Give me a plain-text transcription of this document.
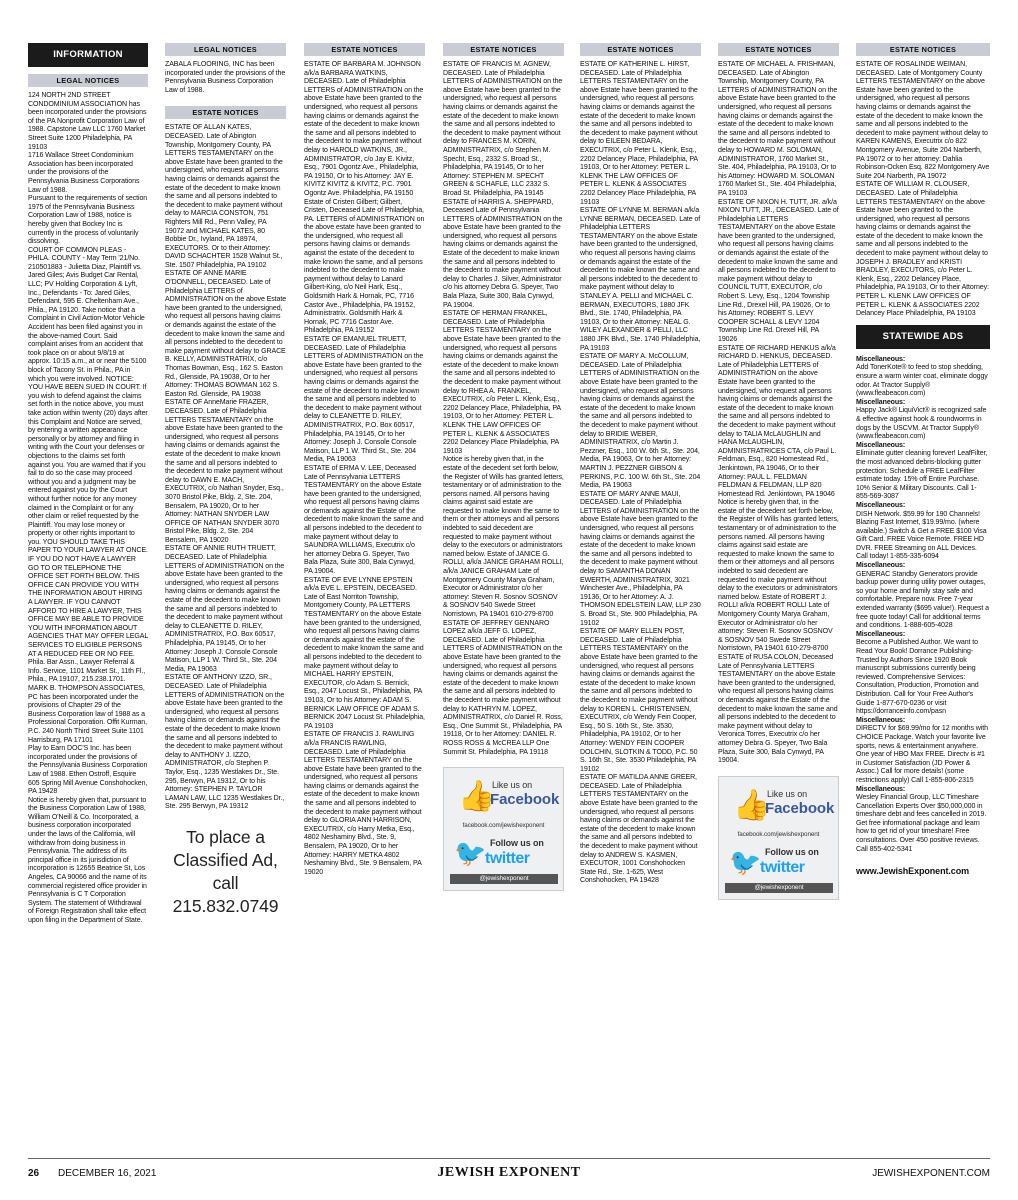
INFORMATION
LEGAL NOTICES

124 NORTH 2ND STREET CONDOMINIUM ASSOCIATION has been incorporated under the provisions of the PA Nonprofit Corporation Law of 1988. Capstone Law LLC 1760 Market Street Suite 1200 Philadelphia, PA 19103

1716 Wallace Street Condominium Association has been incorporated under the provisions of the Pennsylvania Business Corporations Law of 1988.

Pursuant to the requirements of section 1975 of the Pennsylvania Business Corporation Law of 1988, notice is hereby given that Bockey Inc is currently in the process of voluntarily dissolving.

COURT OF COMMON PLEAS - PHILA. COUNTY - May Term '21/No. 210501883 - Julietta Diaz, Plaintiff vs. Jared Giles; Avis Budget Car Rental, LLC; PV Holding Corporation & Lyft, Inc., Defendants - To: Jared Giles, Defendant, 595 E. Cheltenham Ave., Phila., PA 19120. Take notice that a Complaint in Civil Action-Motor Vehicle Accident has been filed against you in the above-named Court. Said complaint arises from an accident that took place on or about 9/8/19 at approx. 10:15 a.m., at or near the 5100 block of Tacony St. in Phila., PA in which you were involved. NOTICE: YOU HAVE BEEN SUED IN COURT. If you wish to defend against the claims set forth in the notice above, you must take action within twenty (20) days after this Complaint and Notice are served, by entering a written appearance personally or by attorney and filing in writing with the Court your defenses or objections to the claims set forth against you. You are warned that if you fail to do so the case may proceed without you and a judgment may be entered against you by the Court without further notice for any money claimed in the Complaint or for any other claim or relief requested by the Plaintiff. You may lose money or property or other rights important to you. YOU SHOULD TAKE THIS PAPER TO YOUR LAWYER AT ONCE. IF YOU DO NOT HAVE A LAWYER GO TO OR TELEPHONE THE OFFICE SET FORTH BELOW. THIS OFFICE CAN PROVIDE YOU WITH THE INFORMATION ABOUT HIRING A LAWYER. IF YOU CANNOT AFFORD TO HIRE A LAWYER, THIS OFFICE MAY BE ABLE TO PROVIDE YOU WITH INFORMATION ABOUT AGENCIES THAT MAY OFFER LEGAL SERVICES TO ELIGIBLE PERSONS AT A REDUCED FEE OR NO FEE. Phila. Bar Assn., Lawyer Referral & Info. Service, 1101 Market St., 11th Fl., Phila., PA 19107, 215.238.1701.

MARK B. THOMPSON ASSOCIATES, PC has been incorporated under the provisions of Chapter 29 of the Business Corporation law of 1988 as a Professional Corporation. Offit Kurman, P.C. 240 North Third Street Suite 1101 Harrisburg, PA 17101

Play to Earn DOC'S Inc. has been incorporated under the provisions of the Pennsylvania Business Corporation Law of 1988. Ethen Ostroff, Esquire 605 Spring Mill Avenue Conshohocken, PA 19428

Notice is hereby given that, pursuant to the Business Corporation Law of 1988, William O'Neill & Co. Incorporated, a business corporation incorporated under the laws of the California, will withdraw from doing business in Pennsylvania. The address of its principal office in its jurisdiction of incorporation is 12655 Beatrice St, Los Angeles, CA 90066 and the name of its commercial registered office provider in Pennsylvania is C T Corporation System. The statement of Withdrawal of Foreign Registration shall take effect upon filing in the Department of State.

LEGAL NOTICES
ZABALA FLOORING, INC has been incorporated under the provisions of the Pennsylvania Business Corporation Law of 1988.
ESTATE NOTICES

ESTATE OF ALLAN KATES, DECEASED. Late of Abington Township, Montgomery County, PA LETTERS TESTAMENTARY on the above Estate have been granted to the undersigned, who request all persons having claims or demands against the estate of the decedent to make known the same and all persons indebted to the decedent to make payment without delay to MARCIA CONSTON, 751 Righters Mill Rd., Penn Valley, PA 19072 and MICHAEL KATES, 80 Bobbie Dr., Ivyland, PA 18974, EXECUTORS. Or to their Attorney: DAVID SCHACHTER 1528 Walnut St., Ste. 1507 Philadelphia, PA 19102

ESTATE OF ANNE MARIE O'DONNELL, DECEASED. Late of Philadelphia LETTERS of ADMINISTRATION on the above Estate have been granted to the undersigned, who request all persons having claims or demands against the estate of the decedent to make known the same and all persons indebted to the decedent to make payment without delay to GRACE B. KELLY, ADMINISTRATRIX, c/o Thomas Bowman, Esq., 162 S. Easton Rd., Glenside, PA 19038, Or to her Attorney: THOMAS BOWMAN 162 S. Easton Rd. Glenside, PA 19038

ESTATE OF AnneMarie FRAZER, DECEASED. Late of Philadelphia LETTERS TESTAMENTARY on the above Estate have been granted to the undersigned, who request all persons having claims or demands against the estate of the decedent to make known the same and all persons indebted to the decedent to make payment without delay to DAWN E. MACH, EXECUTRIX, c/o Nathan Snyder, Esq., 3070 Bristol Pike, Bldg. 2, Ste. 204, Bensalem, PA 19020, Or to her Attorney: NATHAN SNYDER LAW OFFICE OF NATHAN SNYDER 3070 Bristol Pike, Bldg. 2, Ste. 204 Bensalem, PA 19020

ESTATE OF ANNIE RUTH TRUETT, DECEASED. Late of Philadelphia LETTERS of ADMINISTRATION on the above Estate have been granted to the undersigned, who request all persons having claims or demands against the estate of the decedent to make known the same and all persons indebted to the decedent to make payment without delay to CLEANETTE D. RILEY, ADMINISTRATRIX, P.O. Box 60517, Philadelphia, PA 19145, Or to her Attorney: Joseph J. Console Console Matison, LLP 1 W. Third St., Ste. 204 Media, PA 19063

ESTATE OF ANTHONY IZZO, SR., DECEASED. Late of Philadelphia LETTERS of ADMINISTRATION on the above Estate have been granted to the undersigned, who request all persons having claims or demands against the estate of the decedent to make known the same and all persons indebted to the decedent to make payment without delay to ANTHONY J. IZZO, ADMINISTRATOR, c/o Stephen P. Taylor, Esq., 1235 Westlakes Dr., Ste. 295, Berwyn, PA 19312, Or to his Attorney: STEPHEN P. TAYLOR LAMAN LAW, LLC 1235 Westlakes Dr., Ste. 295 Berwyn, PA 19312

To place a
Classified Ad,
call 215.832.0749
ESTATE NOTICES

ESTATE OF BARBARA M. JOHNSON a/k/a BARBARA WATKINS, DECEASED. Late of Philadelphia LETTERS of ADMINISTRATION on the above Estate have been granted to the undersigned, who request all persons having claims or demands against the estate of the decedent to make known the same and all persons indebted to the decedent to make payment without delay to HAROLD WATKINS, JR., ADMINISTRATOR, c/o Jay E. Kivitz, Esq., 7901 Ogontz Ave., Philadelphia, PA 19150, Or to his Attorney: JAY E. KIVITZ KIVITZ & KIVITZ, P.C. 7901 Ogontz Ave. Philadelphia, PA 19150

Estate of Cristen Gilbert; Gilbert, Cristen, Deceased Late of Philadelphia, PA. LETTERS of ADMINISTRATION on the above estate have been granted to the undersigned, who request all persons having claims or demands against the estate of the decedent to make known the same, and all persons indebted to the decedent to make payment without delay to Lanard Gilbert-King, c/o Neil Hark, Esq., Goldsmith Hark & Hornak, PC, 7716 Castor Ave., Philadelphia, PA 19152, Administratrix. Goldsmith Hark & Hornak, PC 7716 Castor Ave. Philadelphia, PA 19152

ESTATE OF EMANUEL TRUETT, DECEASED. Late of Philadelphia LETTERS of ADMINISTRATION on the above Estate have been granted to the undersigned, who request all persons having claims or demands against the estate of the decedent to make known the same and all persons indebted to the decedent to make payment without delay to CLEANETTE D. RILEY, ADMINISTRATRIX, P.O. Box 60517, Philadelphia, PA 19145, Or to her Attorney: Joseph J. Console Console Matison, LLP 1 W. Third St., Ste. 204 Media, PA 19063

ESTATE of ERMA V. LEE, Deceased Late of Pennsylvania LETTERS TESTAMENTARY on the above Estate have been granted to the undersigned, who request all persons having claims or demands against the Estate of the decedent to make known the same and all persons indebted to the decedent to make payment without delay to SAUNDRA WILLIAMS, Executrix c/o her attorney Debra G. Speyer, Two Bala Plaza, Suite 300, Bala Cynwyd, PA 19004.

ESTATE OF EVE LYNNE EPSTEIN a/k/a EVE L. EPSTEIN, DECEASED. Late of East Norriton Township, Montgomery County, PA LETTERS TESTAMENTARY on the above Estate have been granted to the undersigned, who request all persons having claims or demands against the estate of the decedent to make known the same and all persons indebted to the decedent to make payment without delay to MICHAEL HARRY EPSTEIN, EXECUTOR, c/o Adam S. Bernick, Esq., 2047 Locust St., Philadelphia, PA 19103, Or to his Attorney: ADAM S. BERNICK LAW OFFICE OF ADAM S. BERNICK 2047 Locust St. Philadelphia, PA 19103

ESTATE OF FRANCIS J. RAWLING a/k/a FRANCIS RAWLING, DECEASED. Late of Philadelphia LETTERS TESTAMENTARY on the above Estate have been granted to the undersigned, who request all persons having claims or demands against the estate of the decedent to make known the same and all persons indebted to the decedent to make payment without delay to GLORIA ANN HARRISON, EXECUTRIX, c/o Harry Metka, Esq., 4802 Neshaminy Blvd., Ste. 9, Bensalem, PA 19020, Or to her Attorney: HARRY METKA 4802 Neshaminy Blvd., Ste. 9 Bensalem, PA 19020

ESTATE NOTICES

ESTATE OF FRANCIS M. AGNEW, DECEASED. Late of Philadelphia LETTERS of ADMINISTRATION on the above Estate have been granted to the undersigned, who request all persons having claims or demands against the estate of the decedent to make known the same and all persons indebted to the decedent to make payment without delay to FRANCES M. KORIN, ADMINISTRATRIX, c/o Stephen M. Specht, Esq., 2332 S. Broad St., Philadelphia, PA 19145, Or to her Attorney: STEPHEN M. SPECHT GREEN & SCHAFLE, LLC 2332 S. Broad St. Philadelphia, PA 19145

ESTATE of HARRIS A. SHEPPARD, Deceased Late of Pennsylvania LETTERS of ADMINISTRATION on the above Estate have been granted to the undersigned, who request all persons having claims or demands against the Estate of the decedent to make known the same and all persons indebted to the decedent to make payment without delay to Charles J. Silver, Administrator c/o his attorney Debra G. Speyer, Two Bala Plaza, Suite 300, Bala Cynwyd, PA 19004.

ESTATE OF HERMAN FRANKEL, DECEASED. Late of Philadelphia LETTERS TESTAMENTARY on the above Estate have been granted to the undersigned, who request all persons having claims or demands against the estate of the decedent to make known the same and all persons indebted to the decedent to make payment without delay to RHEA A. FRANKEL, EXECUTRIX, c/o Peter L. Klenk, Esq., 2202 Delancey Place, Philadelphia, PA 19103, Or to her Attorney: PETER L. KLENK THE LAW OFFICES OF PETER L. KLENK & ASSOCIATES 2202 Delancey Place Philadelphia, PA 19103

Notice is hereby given that, in the estate of the decedent set forth below, the Register of Wills has granted letters, testamentary or of administration to the persons named. All persons having claims against said estate are requested to make known the same to them or their attorneys and all persons indebted to said decedent are requested to make payment without delay to the executors or administrators named below. Estate of JANICE G. ROLLI, a/k/a JANICE GRAHAM ROLLI, a/k/a JANICE GRAHAM Late of Montgomery County Marya Graham, Executor or Administrator c/o her attorney: Steven R. Sosnov SOSNOV & SOSNOV 540 Swede Street Norristown, PA 19401 610-279-8700

ESTATE OF JEFFREY GENNARO LOPEZ a/k/a JEFF G. LOPEZ, DECEASED. Late of Philadelphia LETTERS of ADMINISTRATION on the above Estate have been granted to the undersigned, who request all persons having claims or demands against the estate of the decedent to make known the same and all persons indebted to the decedent to make payment without delay to KATHRYN M. LOPEZ, ADMINISTRATRIX, c/o Daniel R. Ross, Esq., One Summit St., Philadelphia, PA 19118, Or to her Attorney: DANIEL R. ROSS ROSS & McCREA LLP One Summit St. Philadelphia, PA 19118

👍
Like us on
Facebook
facebook.com/jewishexponent
🐦 Follow us on
twitter
@jewishexponent
ESTATE NOTICES

ESTATE OF KATHERINE L. HIRST, DECEASED. Late of Philadelphia LETTERS TESTAMENTARY on the above Estate have been granted to the undersigned, who request all persons having claims or demands against the estate of the decedent to make known the same and all persons indebted to the decedent to make payment without delay to EILEEN BEDARA, EXECUTRIX, c/o Peter L. Klenk, Esq., 2202 Delancey Place, Philadelphia, PA 19103, Or to her Attorney: PETER L. KLENK THE LAW OFFICES OF PETER L. KLENK & ASSOCIATES 2202 Delancey Place Philadelphia, PA 19103

ESTATE OF LYNNE M. BERMAN a/k/a LYNNE BERMAN, DECEASED. Late of Philadelphia LETTERS TESTAMENTARY on the above Estate have been granted to the undersigned, who request all persons having claims or demands against the estate of the decedent to make known the same and all persons indebted to the decedent to make payment without delay to STANLEY A. PELLI and MICHAEL C. BERMAN, EXECUTORS, 1880 JFK Blvd., Ste. 1740, Philadelphia, PA 19103, Or to their Attorney: NEAL G. WILEY ALEXANDER & PELLI, LLC 1880 JFK Blvd., Ste. 1740 Philadelphia, PA 19103

ESTATE OF MARY A. McCOLLUM, DECEASED. Late of Philadelphia LETTERS of ADMINISTRATION on the above Estate have been granted to the undersigned, who request all persons having claims or demands against the estate of the decedent to make known the same and all persons indebted to the decedent to make payment without delay to BRIDIE WEBER, ADMINISTRATRIX, c/o Martin J. Pezzner, Esq., 100 W. 6th St., Ste. 204, Media, PA 19063, Or to her Attorney: MARTIN J. PEZZNER GIBSON & PERKINS, P.C. 100 W. 6th St., Ste. 204 Media, PA 19063

ESTATE OF MARY ANNE MAUI, DECEASED. Late of Philadelphia LETTERS of ADMINISTRATION on the above Estate have been granted to the undersigned, who request all persons having claims or demands against the estate of the decedent to make known the same and all persons indebted to the decedent to make payment without delay to SAMANTHA DONAN EWERTH, ADMINISTRATRIX, 3021 Winchester Ave., Philadelphia, PA 19136, Or to her Attorney: A. J. THOMSON EDELSTEIN LAW, LLP 230 S. Broad St., Ste. 900 Philadelphia, PA 19102

ESTATE OF MARY ELLEN POST, DECEASED. Late of Philadelphia LETTERS TESTAMENTARY on the above Estate have been granted to the undersigned, who request all persons having claims or demands against the estate of the decedent to make known the same and all persons indebted to the decedent to make payment without delay to KOREN L. CHRISTENSEN, EXECUTRIX, c/o Wendy Fein Cooper, Esq., 50 S. 16th St., Ste. 3530, Philadelphia, PA 19102, Or to her Attorney: WENDY FEIN COOPER DOLCHIN, SLOTKIN & TODD, P.C. 50 S. 16th St., Ste. 3530 Philadelphia, PA 19102

ESTATE OF MATILDA ANNE GREER, DECEASED. Late of Philadelphia LETTERS TESTAMENTARY on the above Estate have been granted to the undersigned, who request all persons having claims or demands against the estate of the decedent to make known the same and all persons indebted to the decedent to make payment without delay to ANDREW S. KASMEN, EXECUTOR, 1001 Conshohocken State Rd., Ste. 1-625, West Conshohocken, PA 19428

ESTATE NOTICES

ESTATE OF MICHAEL A. FRISHMAN, DECEASED. Late of Abington Township, Montgomery County, PA LETTERS of ADMINISTRATION on the above Estate have been granted to the undersigned, who request all persons having claims or demands against the estate of the decedent to make known the same and all persons indebted to the decedent to make payment without delay to HOWARD M. SOLOMAN, ADMINISTRATOR, 1760 Market St., Ste. 404, Philadelphia, PA 19103, Or to his Attorney: HOWARD M. SOLOMAN 1760 Market St., Ste. 404 Philadelphia, PA 19103

ESTATE OF NIXON H. TUTT, JR. a/k/a NIXON TUTT, JR., DECEASED. Late of Philadelphia LETTERS TESTAMENTARY on the above Estate have been granted to the undersigned, who request all persons having claims or demands against the estate of the decedent to make known the same and all persons indebted to the decedent to make payment without delay to COUNCIL TUTT, EXECUTOR, c/o Robert S. Levy, Esq., 1204 Township Line Rd., Drexel Hill, PA 19026, Or to his Attorney: ROBERT S. LEVY COOPER SCHALL & LEVY 1204 Township Line Rd. Drexel Hill, PA 19026

ESTATE OF RICHARD HENKUS a/k/a RICHARD D. HENKUS, DECEASED. Late of Philadelphia LETTERS of ADMINISTRATION on the above Estate have been granted to the undersigned, who request all persons having claims or demands against the estate of the decedent to make known the same and all persons indebted to the decedent to make payment without delay to TALIA McLAUGHLIN and HANA McLAUGHLIN, ADMINISTRATRICES CTA, c/o Paul L. Feldman, Esq., 820 Homestead Rd., Jenkintown, PA 19046, Or to their Attorney: PAUL L. FELDMAN FELDMAN & FELDMAN, LLP 820 Homestead Rd. Jenkintown, PA 19046

Notice is hereby given that, in the estate of the decedent set forth below, the Register of Wills has granted letters, testamentary or of administration to the persons named. All persons having claims against said estate are requested to make known the same to them or their attorneys and all persons indebted to said decedent are requested to make payment without delay to the executors or administrators named below. Estate of ROBERT J. ROLLI a/k/a ROBERT ROLLI Late of Montgomery County Marya Graham, Executor or Administrator c/o her attorney: Steven R. Sosnov SOSNOV & SOSNOV 540 Swede Street Norristown, PA 19401 610-279-8700

ESTATE of RUSA COLON, Deceased Late of Pennsylvania LETTERS TESTAMENTARY on the above Estate have been granted to the undersigned, who request all persons having claims or demands against the Estate of the decedent to make known the same and all persons indebted to the decedent to make payment without delay to Veronica Torres, Executrix c/o her attorney Debra G. Speyer, Two Bala Plaza, Suite 300, Bala Cynwyd, PA 19004.

👍
Like us on
Facebook
facebook.com/jewishexponent
🐦 Follow us on
twitter
@jewishexponent
ESTATE NOTICES

ESTATE OF ROSALINDE WEIMAN, DECEASED. Late of Montgomery County LETTERS TESTAMENTARY on the above Estate have been granted to the undersigned, who request all persons having claims or demands against the estate of the decedent to make known the same and all persons indebted to the decedent to make payment without delay to KAREN KAMENS, Executrix c/o 822 Montgomery Avenue, Suite 204 Narberth, PA 19072 or to her attorney: Dahlia Robinson-Ocken Esq. 822 Montgomery Ave Suite 204 Narberth, PA 19072

ESTATE OF WILLIAM R. CLOUSER, DECEASED. Late of Philadelphia LETTERS TESTAMENTARY on the above Estate have been granted to the undersigned, who request all persons having claims or demands against the estate of the decedent to make known the same and all persons indebted to the decedent to make payment without delay to JOSEPH J. BRADLEY and KRISTI BRADLEY, EXECUTORS, c/o Peter L. Klenk, Esq., 2202 Delancey Place, Philadelphia, PA 19103, Or to their Attorney: PETER L. KLENK LAW OFFICES OF PETER L. KLENK & ASSOCIATES 2202 Delancey Place Philadelphia, PA 19103

STATEWIDE ADS

Miscellaneous:
Add TonerKote® to feed to stop shedding, ensure a warm winter coat, eliminate doggy odor. At Tractor Supply® (www.fleabeacon.com)

Miscellaneous:
Happy Jack® LiquiVict® is recognized safe & effective against hook & roundworms in dogs by the USCVM. At Tractor Supply® (www.fleabeacon.com)

Miscellaneous:
Eliminate gutter cleaning forever! LeafFilter, the most advanced debris-blocking gutter protection. Schedule a FREE LeafFilter estimate today. 15% off Entire Purchase. 10% Senior & Military Discounts. Call 1-855-569-3087

Miscellaneous:
DISH Network. $59.99 for 190 Channels! Blazing Fast Internet, $19.99/mo. (where available.) Switch & Get a FREE $100 Visa Gift Card. FREE Voice Remote. FREE HD DVR. FREE Streaming on ALL Devices. Call today! 1-855-335-6094

Miscellaneous:
GENERAC Standby Generators provide backup power during utility power outages, so your home and family stay safe and comfortable. Prepare now. Free 7-year extended warranty ($695 value!). Request a free quote today! Call for additional terms and conditions. 1-888-605-4028

Miscellaneous:
Become a Published Author. We want to Read Your Book! Dorrance Publishing-Trusted by Authors Since 1920 Book manuscript submissions currently being reviewed. Comprehensive Services: Consultation, Production, Promotion and Distribution. Call for Your Free Author's Guide 1-877-670-0236 or visit https://dorranceinfo.com/pasn

Miscellaneous:
DIRECTV for $69.99/mo for 12 months with CHOICE Package. Watch your favorite live sports, news & entertainment anywhere. One year of HBO Max FREE. Directv is #1 in Customer Satisfaction (JD Power & Assoc.) Call for more details! (some restrictions apply) Call 1-855-806-2315

Miscellaneous:
Wesley Financial Group, LLC Timeshare Cancellation Experts Over $50,000,000 in timeshare debt and fees cancelled in 2019. Get free informational package and learn how to get rid of your timeshare! Free consultations. Over 450 positive reviews. Call 855-402-5341

www.JewishExponent.com
26 DECEMBER 16, 2021	JEWISH EXPONENT	JEWISHEXPONENT.COM
